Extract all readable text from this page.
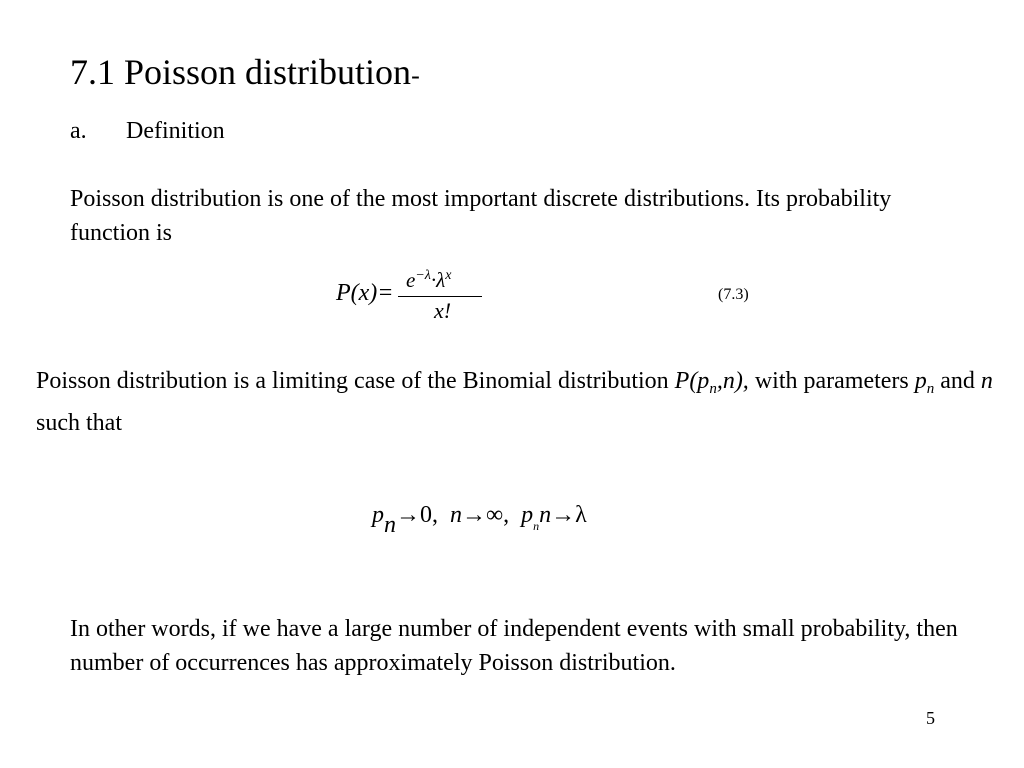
7.1 Poisson distribution-
a. Definition
Poisson distribution is one of the most important discrete distributions. Its probability function is
$P(x)= e^{-\lambda}\cdot\lambda^x$
x!
(7.3)
Poisson distribution is a limiting case of the Binomial distribution $P(p_n,n)$, with parameters $p_n$ and n such that
pn→0, n→∞, $p_nn\to\lambda$
In other words, if we have a large number of independent events with small probability, then number of occurrences has approximately Poisson distribution.
5
